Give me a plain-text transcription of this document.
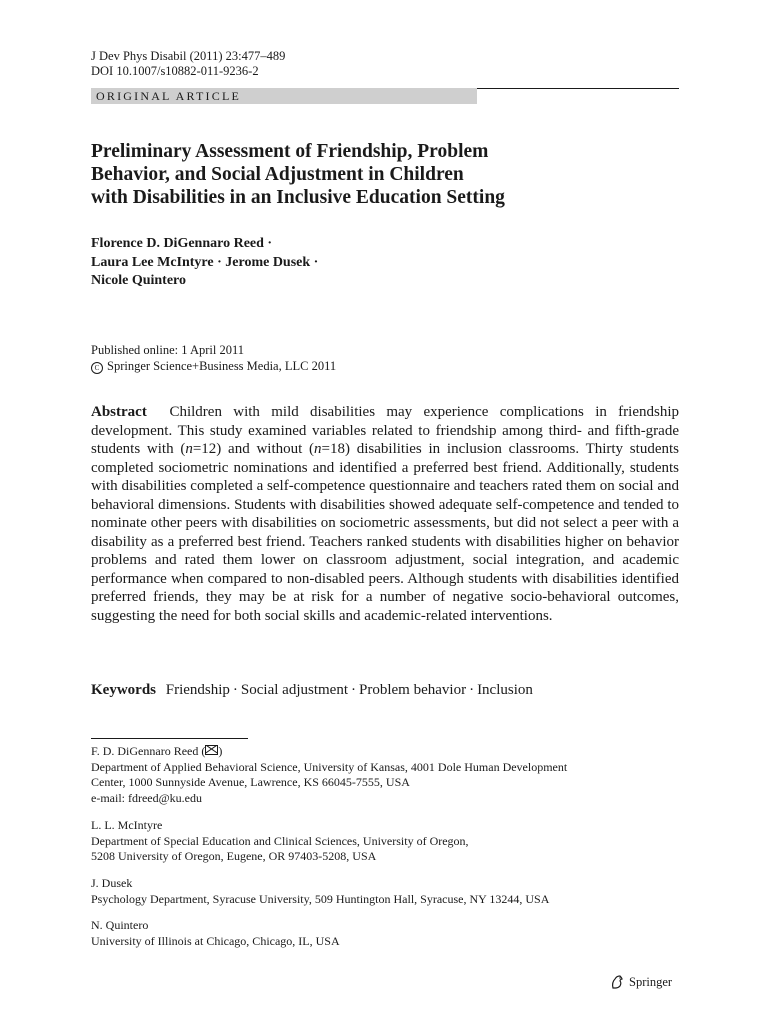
J Dev Phys Disabil (2011) 23:477–489
DOI 10.1007/s10882-011-9236-2
ORIGINAL ARTICLE
Preliminary Assessment of Friendship, Problem
Behavior, and Social Adjustment in Children
with Disabilities in an Inclusive Education Setting
Florence D. DiGennaro Reed ·
Laura Lee McIntyre · Jerome Dusek ·
Nicole Quintero
Published online: 1 April 2011
C Springer Science+Business Media, LLC 2011
Abstract Children with mild disabilities may experience complications in friendship development. This study examined variables related to friendship among third- and fifth-grade students with (n=12) and without (n=18) disabilities in inclusion classrooms. Thirty students completed sociometric nominations and identified a preferred best friend. Additionally, students with disabilities completed a self-competence questionnaire and teachers rated them on social and behavioral dimensions. Students with disabilities showed adequate self-competence and tended to nominate other peers with disabilities on sociometric assessments, but did not select a peer with a disability as a preferred best friend. Teachers ranked students with disabilities higher on behavior problems and rated them lower on classroom adjustment, social integration, and academic performance when compared to non-disabled peers. Although students with disabilities identified preferred friends, they may be at risk for a number of negative socio-behavioral outcomes, suggesting the need for both social skills and academic-related interventions.
Keywords Friendship · Social adjustment · Problem behavior · Inclusion
F. D. DiGennaro Reed ( )
Department of Applied Behavioral Science, University of Kansas, 4001 Dole Human Development
Center, 1000 Sunnyside Avenue, Lawrence, KS 66045-7555, USA
e-mail: fdreed@ku.edu
L. L. McIntyre
Department of Special Education and Clinical Sciences, University of Oregon,
5208 University of Oregon, Eugene, OR 97403-5208, USA
J. Dusek
Psychology Department, Syracuse University, 509 Huntington Hall, Syracuse, NY 13244, USA
N. Quintero
University of Illinois at Chicago, Chicago, IL, USA
Springer
